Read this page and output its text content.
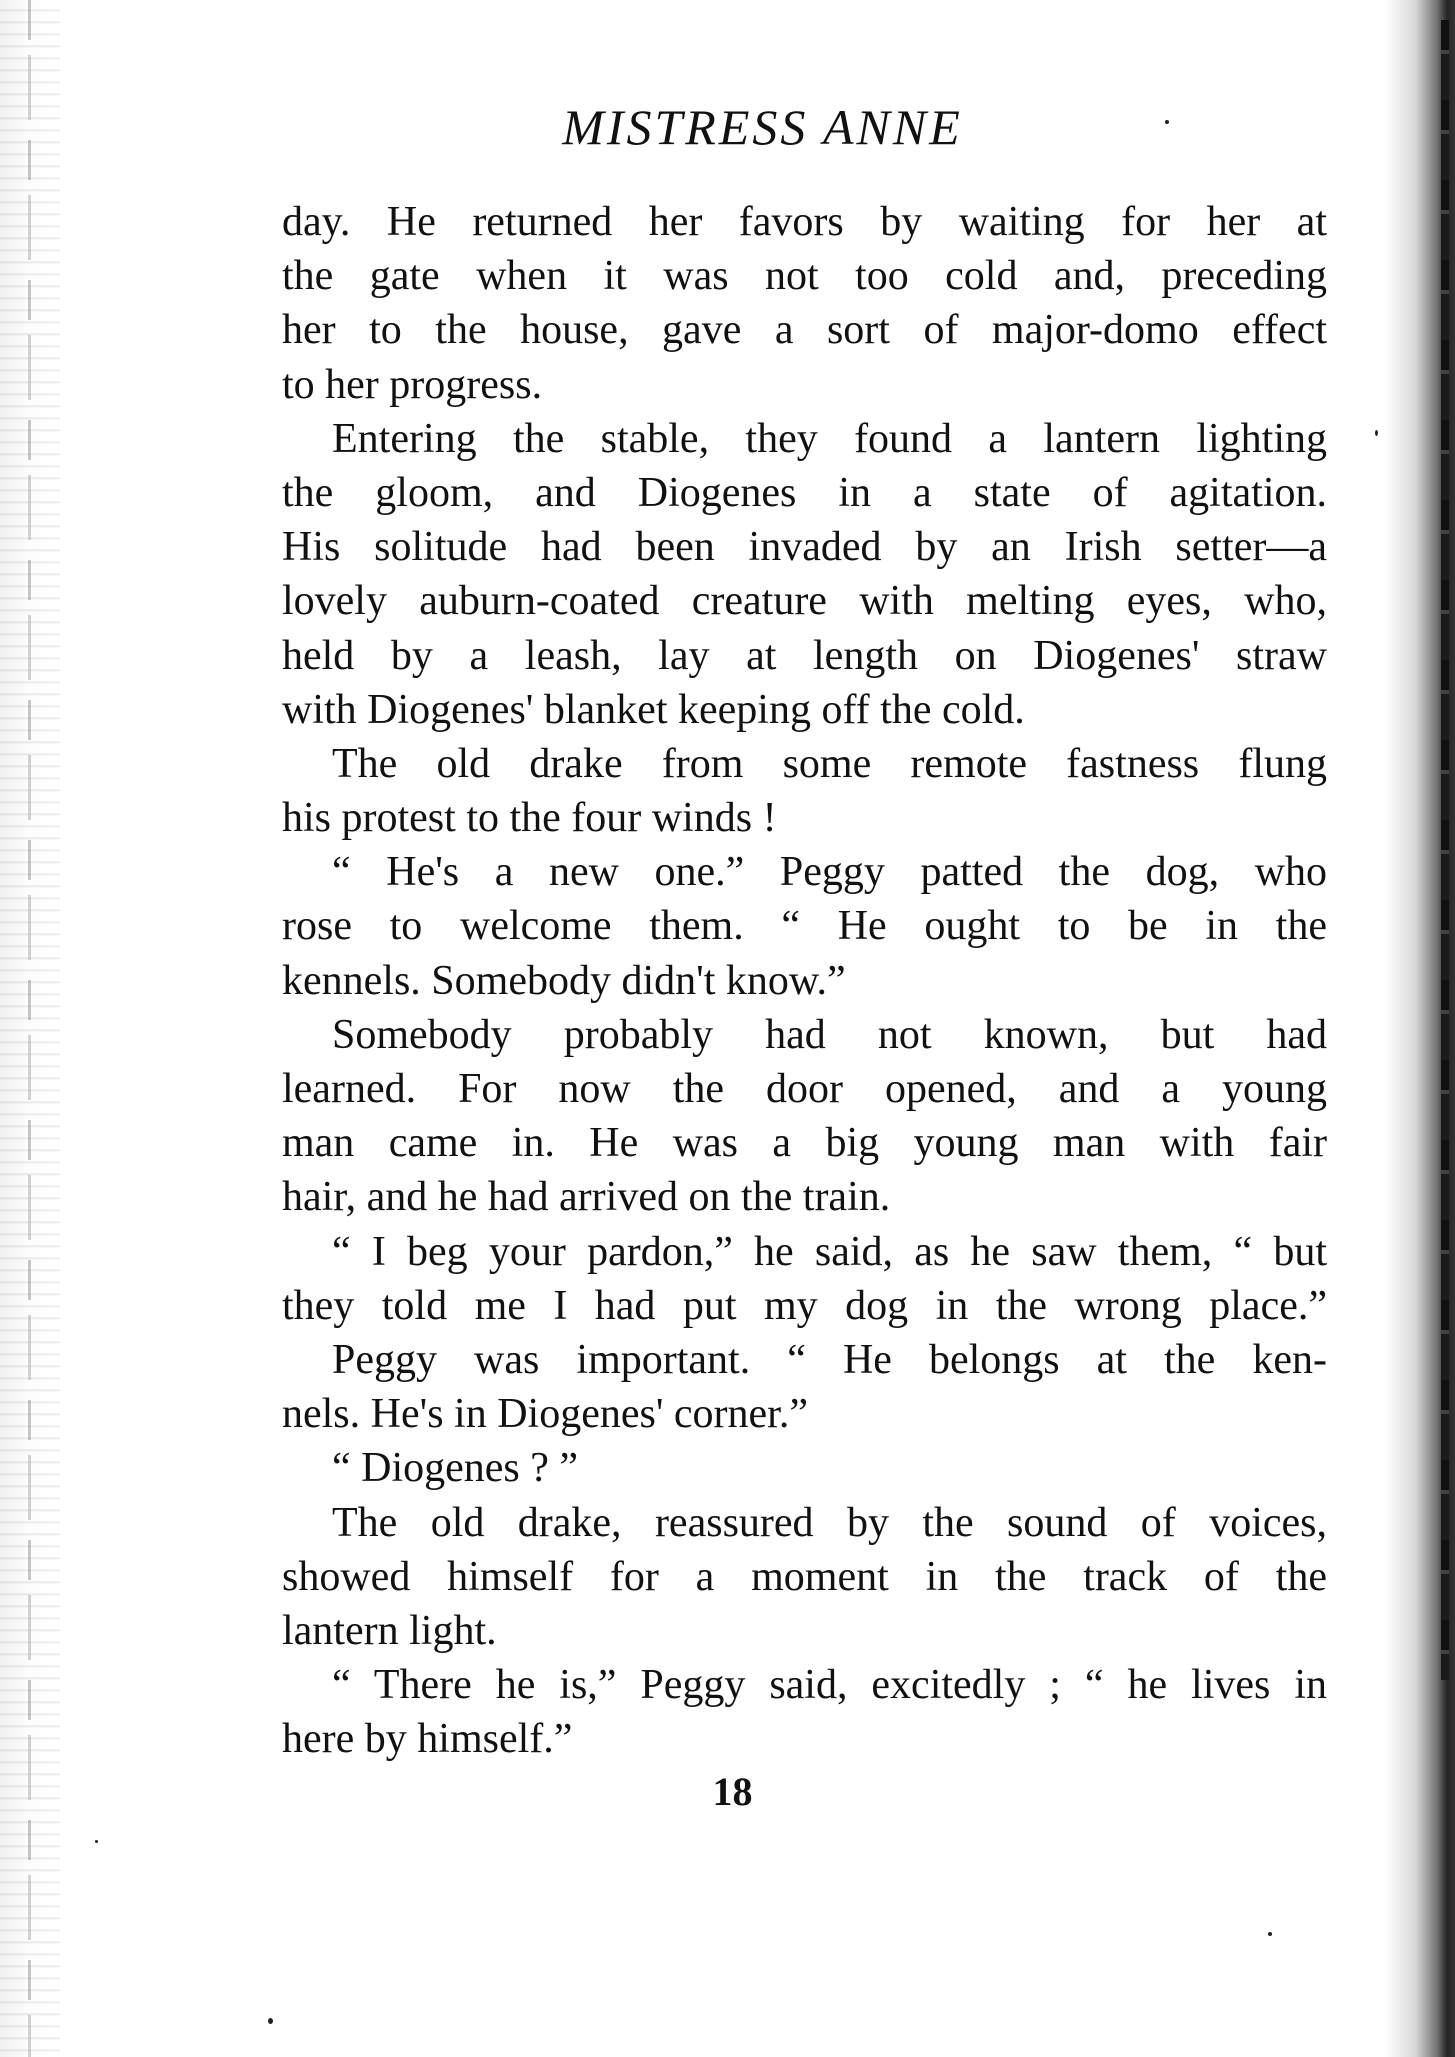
MISTRESS ANNE
day. He returned her favors by waiting for her at
the gate when it was not too cold and, preceding
her to the house, gave a sort of major-domo effect
to her progress.
Entering the stable, they found a lantern lighting
the gloom, and Diogenes in a state of agitation.
His solitude had been invaded by an Irish setter—a
lovely auburn-coated creature with melting eyes, who,
held by a leash, lay at length on Diogenes' straw
with Diogenes' blanket keeping off the cold.
The old drake from some remote fastness flung
his protest to the four winds !
“ He's a new one.” Peggy patted the dog, who
rose to welcome them. “ He ought to be in the
kennels. Somebody didn't know.”
Somebody probably had not known, but had
learned. For now the door opened, and a young
man came in. He was a big young man with fair
hair, and he had arrived on the train.
“ I beg your pardon,” he said, as he saw them, “ but
they told me I had put my dog in the wrong place.”
Peggy was important. “ He belongs at the ken-
nels. He's in Diogenes' corner.”
“ Diogenes ? ”
The old drake, reassured by the sound of voices,
showed himself for a moment in the track of the
lantern light.
“ There he is,” Peggy said, excitedly ; “ he lives in
here by himself.”
18
